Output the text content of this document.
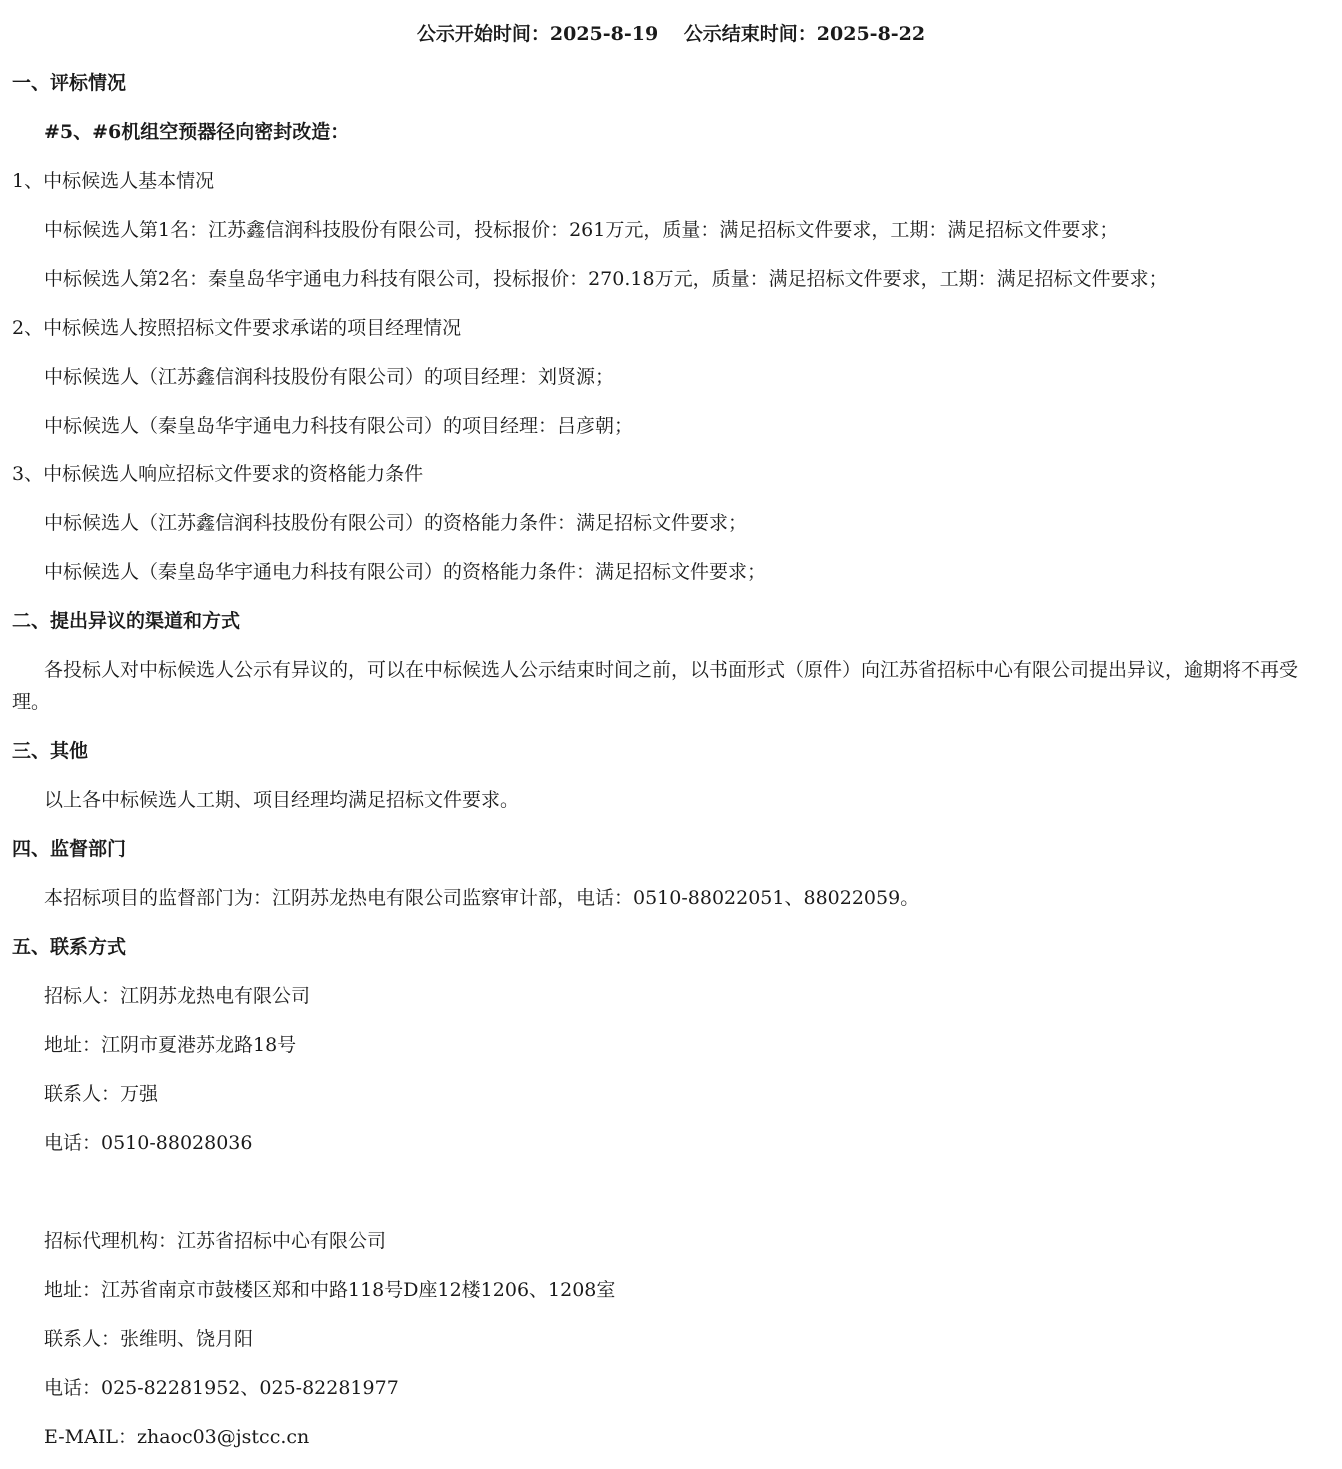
公示开始时间：2025-8-19　 公示结束时间：2025-8-22
一、评标情况
#5、#6机组空预器径向密封改造：
1、中标候选人基本情况
中标候选人第1名：江苏鑫信润科技股份有限公司，投标报价：261万元，质量：满足招标文件要求，工期：满足招标文件要求；
中标候选人第2名：秦皇岛华宇通电力科技有限公司，投标报价：270.18万元，质量：满足招标文件要求，工期：满足招标文件要求；
2、中标候选人按照招标文件要求承诺的项目经理情况
中标候选人（江苏鑫信润科技股份有限公司）的项目经理：刘贤源；
中标候选人（秦皇岛华宇通电力科技有限公司）的项目经理：吕彦朝；
3、中标候选人响应招标文件要求的资格能力条件
中标候选人（江苏鑫信润科技股份有限公司）的资格能力条件：满足招标文件要求；
中标候选人（秦皇岛华宇通电力科技有限公司）的资格能力条件：满足招标文件要求；
二、提出异议的渠道和方式
各投标人对中标候选人公示有异议的，可以在中标候选人公示结束时间之前，以书面形式（原件）向江苏省招标中心有限公司提出异议，逾期将不再受理。
三、其他
以上各中标候选人工期、项目经理均满足招标文件要求。
四、监督部门
本招标项目的监督部门为：江阴苏龙热电有限公司监察审计部，电话：0510-88022051、88022059。
五、联系方式
招标人：江阴苏龙热电有限公司
地址：江阴市夏港苏龙路18号
联系人：万强
电话：0510-88028036
招标代理机构：江苏省招标中心有限公司
地址：江苏省南京市鼓楼区郑和中路118号D座12楼1206、1208室
联系人：张维明、饶月阳
电话：025-82281952、025-82281977
E-MAIL：zhaoc03@jstcc.cn
